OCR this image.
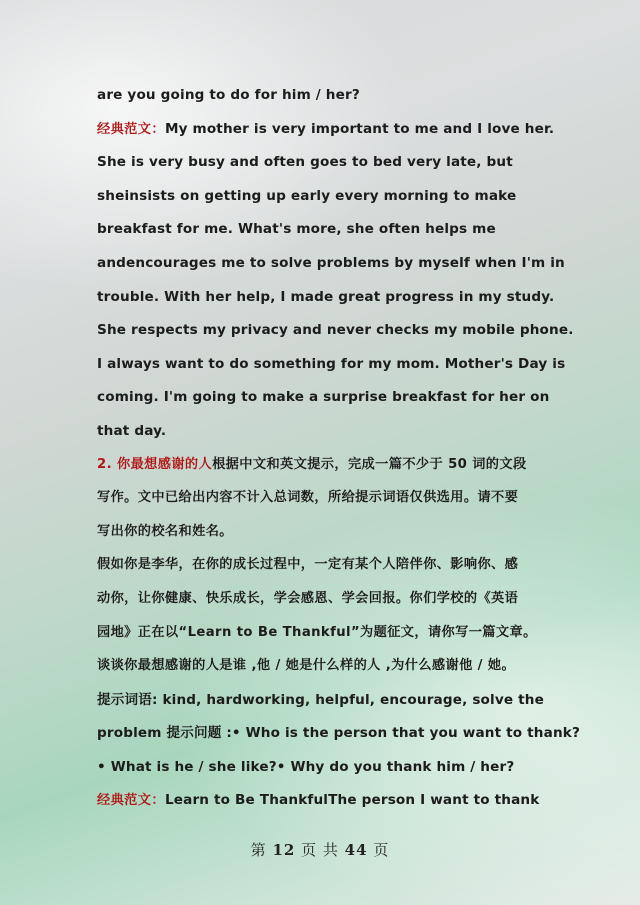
are you going to do for him / her?
经典范文：My mother is very important to me and I love her.
She is very busy and often goes to bed very late, but
sheinsists on getting up early every morning to make
breakfast for me. What's more, she often helps me
andencourages me to solve problems by myself when I'm in
trouble. With her help, I made great progress in my study.
She respects my privacy and never checks my mobile phone.
I always want to do something for my mom. Mother's Day is
coming. I'm going to make a surprise breakfast for her on
that day.
2. 你最想感谢的人根据中文和英文提示，完成一篇不少于 50 词的文段
写作。文中已给出内容不计入总词数，所给提示词语仅供选用。请不要
写出你的校名和姓名。
假如你是李华，在你的成长过程中，一定有某个人陪伴你、影响你、感
动你，让你健康、快乐成长，学会感恩、学会回报。你们学校的《英语
园地》正在以“Learn to Be Thankful”为题征文，请你写一篇文章。
谈谈你最想感谢的人是谁 ,他 / 她是什么样的人 ,为什么感谢他 / 她。
提示词语: kind, hardworking, helpful, encourage, solve the
problem 提示问题 :• Who is the person that you want to thank?
• What is he / she like?• Why do you thank him / her?
经典范文：Learn to Be ThankfulThe person I want to thank
第 12 页 共 44 页
